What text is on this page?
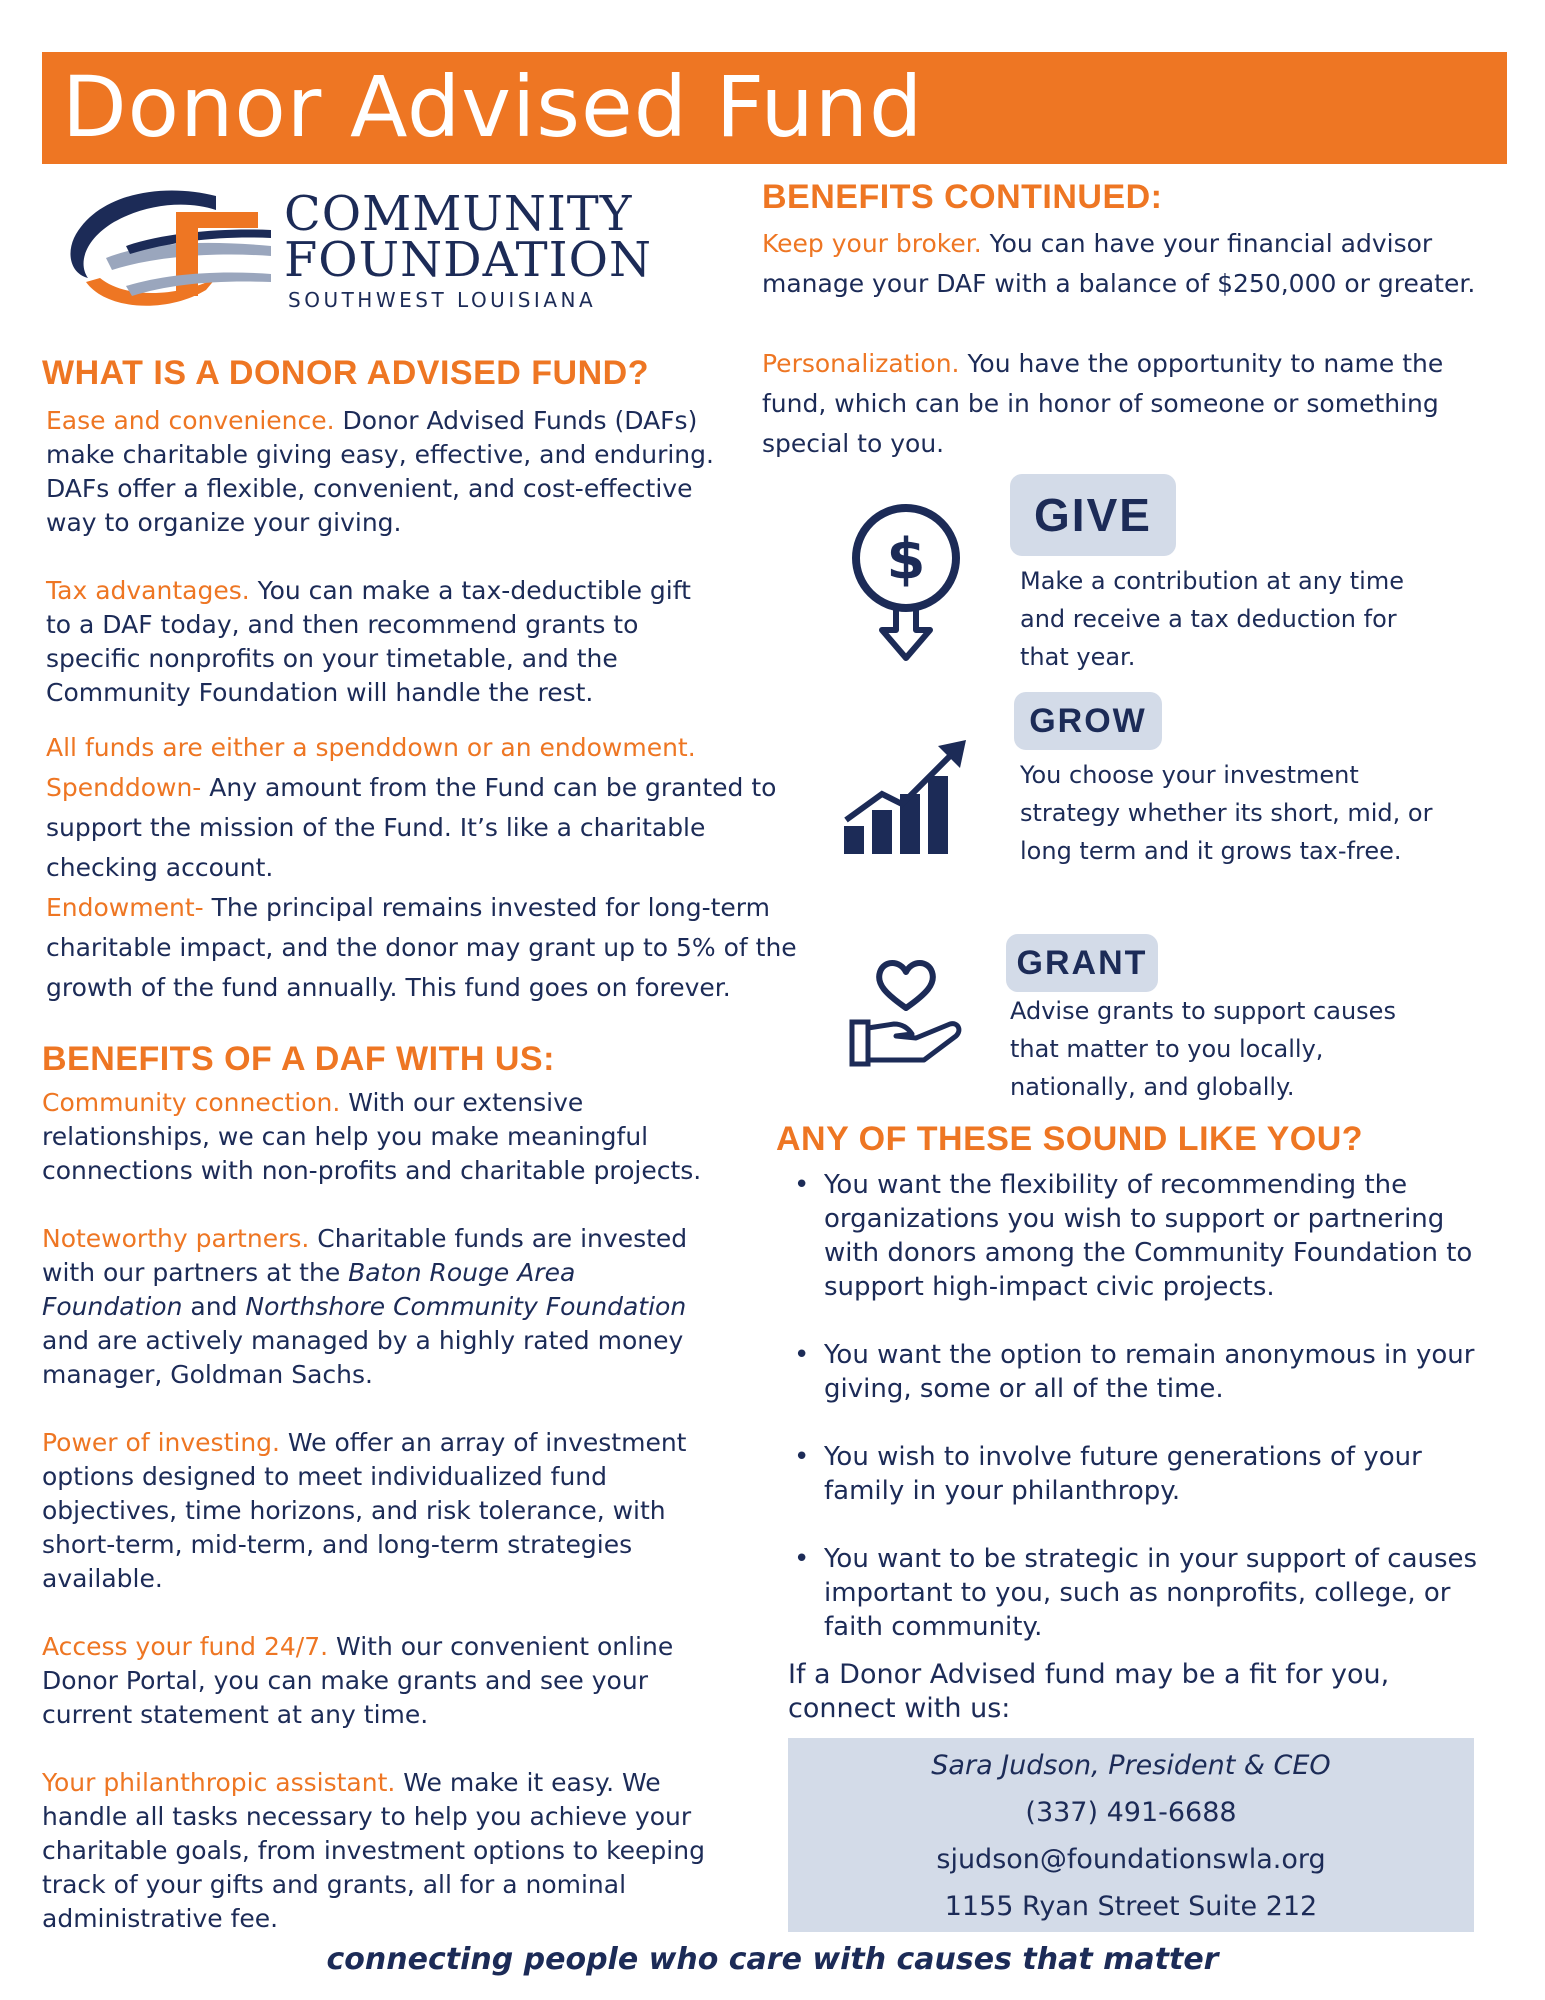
Donor Advised Fund
COMMUNITY
FOUNDATION
SOUTHWEST LOUISIANA
WHAT IS A DONOR ADVISED FUND?
Ease and convenience. Donor Advised Funds (DAFs) make charitable giving easy, effective, and enduring. DAFs offer a flexible, convenient, and cost-effective way to organize your giving.
Tax advantages. You can make a tax-deductible gift to a DAF today, and then recommend grants to specific nonprofits on your timetable, and the Community Foundation will handle the rest.
All funds are either a spenddown or an endowment.
Spenddown- Any amount from the Fund can be granted to support the mission of the Fund. It’s like a charitable checking account.
Endowment- The principal remains invested for long-term charitable impact, and the donor may grant up to 5% of the growth of the fund annually. This fund goes on forever.
BENEFITS OF A DAF WITH US:
Community connection. With our extensive relationships, we can help you make meaningful connections with non-profits and charitable projects.
Noteworthy partners. Charitable funds are invested with our partners at the Baton Rouge Area Foundation and Northshore Community Foundation and are actively managed by a highly rated money manager, Goldman Sachs.
Power of investing. We offer an array of investment options designed to meet individualized fund objectives, time horizons, and risk tolerance, with short-term, mid-term, and long-term strategies available.
Access your fund 24/7. With our convenient online Donor Portal, you can make grants and see your current statement at any time.
Your philanthropic assistant. We make it easy. We handle all tasks necessary to help you achieve your charitable goals, from investment options to keeping track of your gifts and grants, all for a nominal administrative fee.
BENEFITS CONTINUED:
Keep your broker. You can have your financial advisor manage your DAF with a balance of $250,000 or greater.
Personalization. You have the opportunity to name the fund, which can be in honor of someone or something special to you.
$
GIVE
Make a contribution at any time and receive a tax deduction for that year.
GROW
You choose your investment strategy whether its short, mid, or long term and it grows tax-free.
GRANT
Advise grants to support causes that matter to you locally, nationally, and globally.
ANY OF THESE SOUND LIKE YOU?
• You want the flexibility of recommending the organizations you wish to support or partnering with donors among the Community Foundation to support high-impact civic projects.
• You want the option to remain anonymous in your giving, some or all of the time.
• You wish to involve future generations of your family in your philanthropy.
• You want to be strategic in your support of causes important to you, such as nonprofits, college, or faith community.
If a Donor Advised fund may be a fit for you, connect with us:
Sara Judson, President & CEO
(337) 491-6688
sjudson@foundationswla.org
1155 Ryan Street Suite 212
connecting people who care with causes that matter
